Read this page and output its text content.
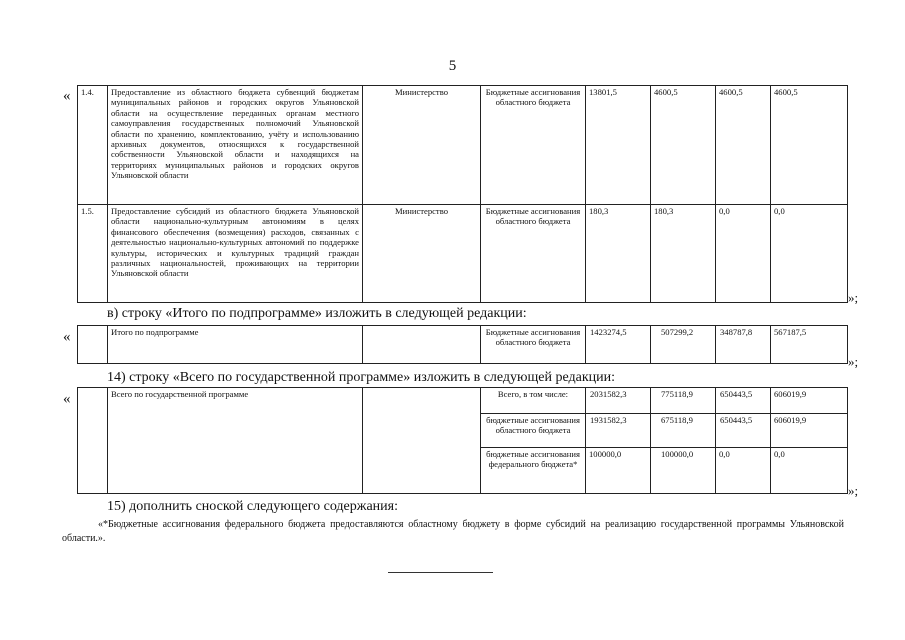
5
« 1.4.	Предоставление из областного бюджета субвенций бюджетам муниципальных районов и городских округов Ульяновской области на осуществление переданных органам местного самоуправления государственных полномочий Ульяновской области по хранению, комплектованию, учёту и использованию архивных документов, относящихся к государственной собственности Ульяновской области и находящихся на территориях муниципальных районов и городских округов Ульяновской области	Министерство	Бюджетные ассигнования областного бюджета	13801,5	4600,5	4600,5	4600,5
1.5.	Предоставление субсидий из областного бюджета Ульяновской области национально-культурным автономиям в целях финансового обеспечения (возмещения) расходов, связанных с деятельностью национально-культурных автономий по поддержке культуры, исторических и культурных традиций граждан различных национальностей, проживающих на территории Ульяновской области	Министерство	Бюджетные ассигнования областного бюджета	180,3	180,3	0,0	0,0
»;
в) строку «Итого по подпрограмме» изложить в следующей редакции:
«
		Итого по подпрограмме		Бюджетные ассигнования областного бюджета	1423274,5	507299,2	348787,8	567187,5
»;
14) строку «Всего по государственной программе» изложить в следующей редакции:
«
		Всего по государственной программе		Всего, в том числе:	2031582,3	775118,9	650443,5	606019,9
			бюджетные ассигнования областного бюджета	1931582,3	675118,9	650443,5	606019,9
			бюджетные ассигнования федерального бюджета*	100000,0	100000,0	0,0	0,0
»;
15) дополнить сноской следующего содержания:
«*Бюджетные ассигнования федерального бюджета предоставляются областному бюджету в форме субсидий на реализацию государственной программы Ульяновской области.».
